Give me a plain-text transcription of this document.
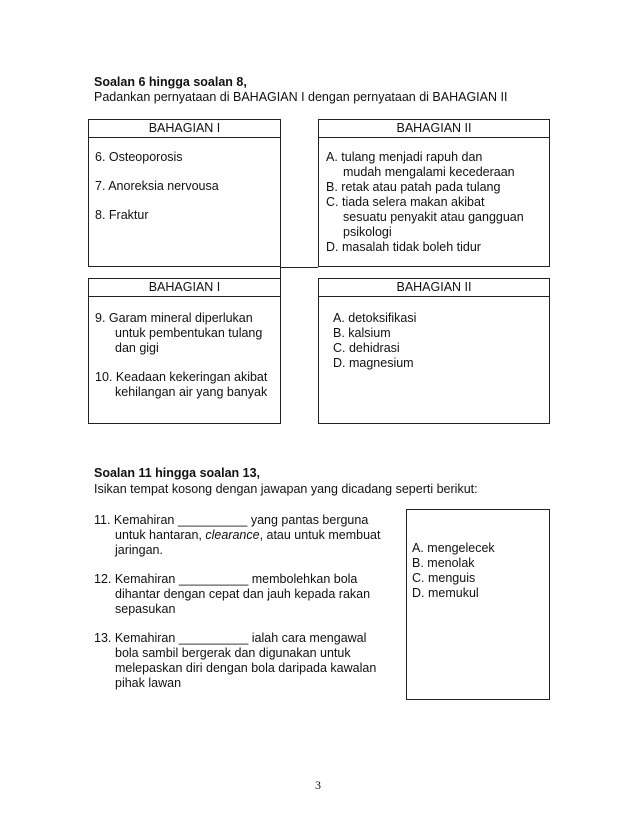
Soalan 6 hingga soalan 8,
Padankan pernyataan di BAHAGIAN I dengan pernyataan di BAHAGIAN II
BAHAGIAN I
6. Osteoporosis
7. Anoreksia nervousa
8. Fraktur
BAHAGIAN II
A. tulang menjadi rapuh dan
mudah mengalami kecederaan
B. retak atau patah pada tulang
C. tiada selera makan akibat
sesuatu penyakit atau gangguan
psikologi
D. masalah tidak boleh tidur
BAHAGIAN I
9. Garam mineral diperlukan
untuk pembentukan tulang
dan gigi
10. Keadaan kekeringan akibat
kehilangan air yang banyak
BAHAGIAN II
A. detoksifikasi
B. kalsium
C. dehidrasi
D. magnesium
Soalan 11 hingga soalan 13,
Isikan tempat kosong dengan jawapan yang dicadang seperti berikut:
11. Kemahiran __________ yang pantas berguna
untuk hantaran, clearance, atau untuk membuat
jaringan.
12. Kemahiran __________ membolehkan bola
dihantar dengan cepat dan jauh kepada rakan
sepasukan
13. Kemahiran __________ ialah cara mengawal
bola sambil bergerak dan digunakan untuk
melepaskan diri dengan bola daripada kawalan
pihak lawan
A. mengelecek
B. menolak
C. menguis
D. memukul
3
